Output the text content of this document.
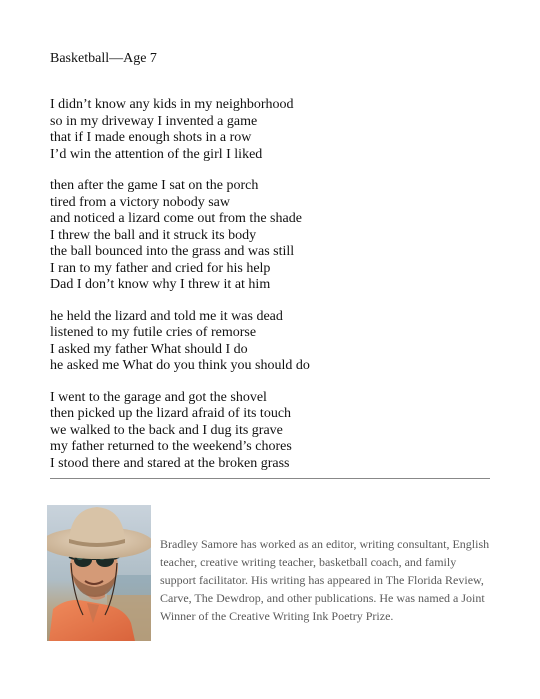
Basketball—Age 7
I didn’t know any kids in my neighborhood
so in my driveway I invented a game
that if I made enough shots in a row
I’d win the attention of the girl I liked
then after the game I sat on the porch
tired from a victory nobody saw
and noticed a lizard come out from the shade
I threw the ball and it struck its body
the ball bounced into the grass and was still
I ran to my father and cried for his help
Dad I don’t know why I threw it at him
he held the lizard and told me it was dead
listened to my futile cries of remorse
I asked my father What should I do
he asked me What do you think you should do
I went to the garage and got the shovel
then picked up the lizard afraid of its touch
we walked to the back and I dug its grave
my father returned to the weekend’s chores
I stood there and stared at the broken grass
Bradley Samore has worked as an editor, writing consultant, English teacher, creative writing teacher, basketball coach, and family support facilitator. His writing has appeared in The Florida Review, Carve, The Dewdrop, and other publications. He was named a Joint Winner of the Creative Writing Ink Poetry Prize.
